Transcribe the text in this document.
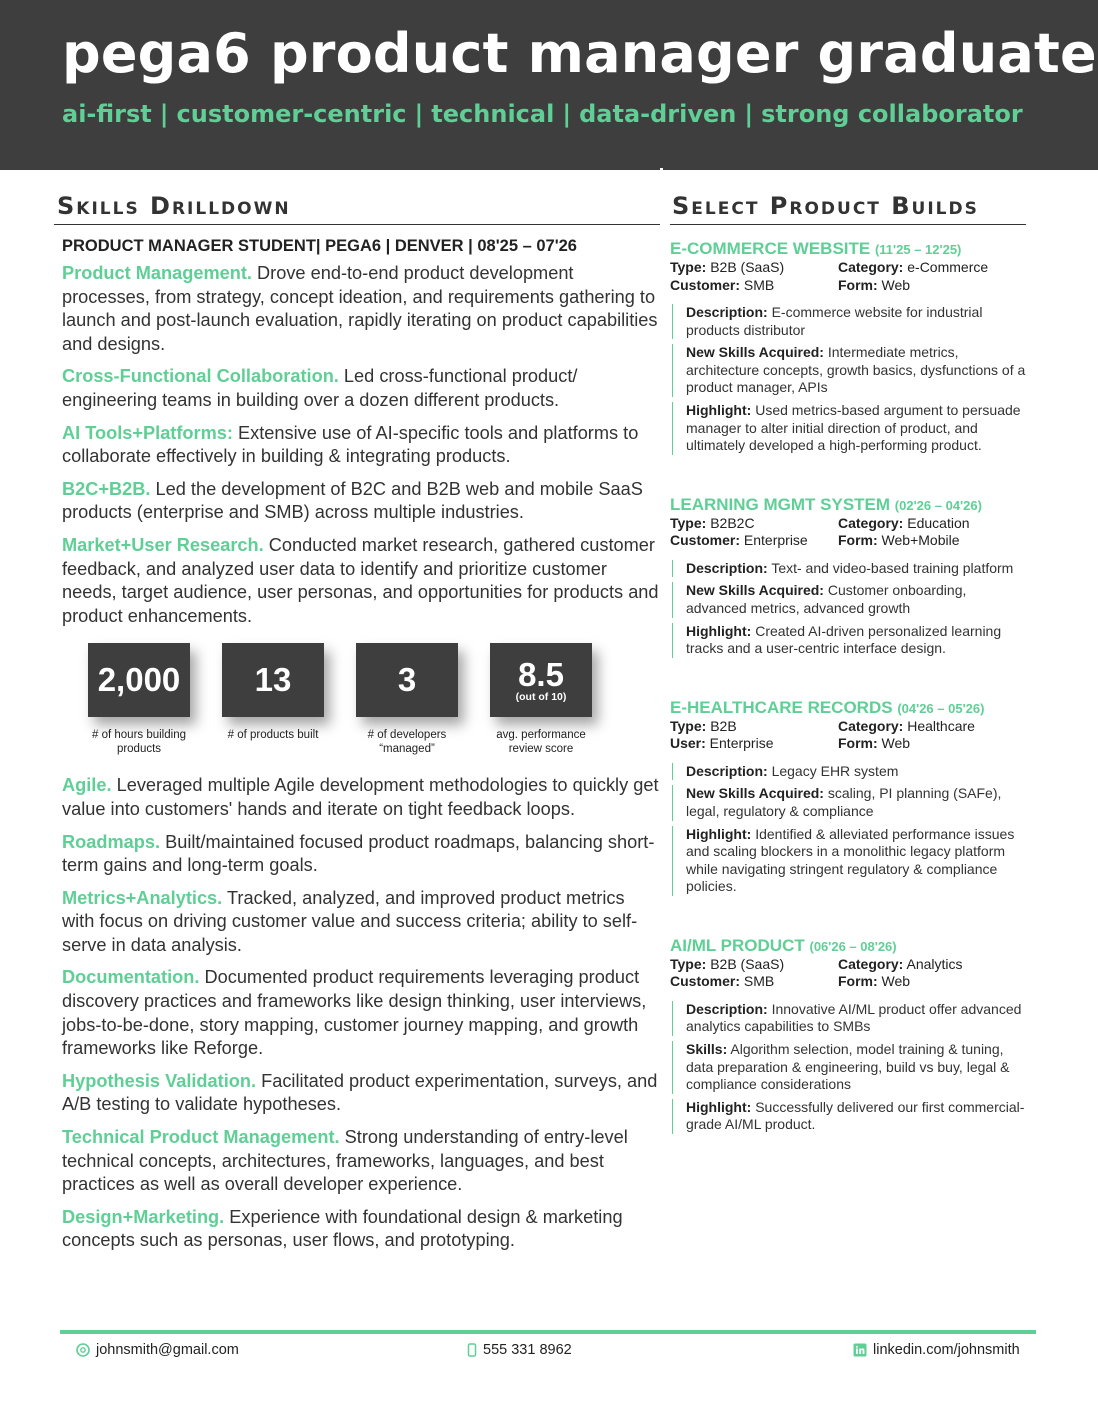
pega6 product manager graduate
ai-first | customer-centric | technical | data-driven | strong collaborator
Skills Drilldown
PRODUCT MANAGER STUDENT| PEGA6 | DENVER | 08'25 – 07'26
Product Management. Drove end-to-end product development processes, from strategy, concept ideation, and requirements gathering to launch and post-launch evaluation, rapidly iterating on product capabilities and designs.
Cross-Functional Collaboration. Led cross-functional product/ engineering teams in building over a dozen different products.
AI Tools+Platforms: Extensive use of AI-specific tools and platforms to collaborate effectively in building & integrating products.
B2C+B2B. Led the development of B2C and B2B web and mobile SaaS products (enterprise and SMB) across multiple industries.
Market+User Research. Conducted market research, gathered customer feedback, and analyzed user data to identify and prioritize customer needs, target audience, user personas, and opportunities for products and product enhancements.
2,000
# of hours building products
13
# of products built
3
# of developers “managed”
8.5
(out of 10)
avg. performance review score
Agile. Leveraged multiple Agile development methodologies to quickly get value into customers' hands and iterate on tight feedback loops.
Roadmaps. Built/maintained focused product roadmaps, balancing short-term gains and long-term goals.
Metrics+Analytics. Tracked, analyzed, and improved product metrics with focus on driving customer value and success criteria; ability to self-serve in data analysis.
Documentation. Documented product requirements leveraging product discovery practices and frameworks like design thinking, user interviews, jobs-to-be-done, story mapping, customer journey mapping, and growth frameworks like Reforge.
Hypothesis Validation. Facilitated product experimentation, surveys, and A/B testing to validate hypotheses.
Technical Product Management. Strong understanding of entry-level technical concepts, architectures, frameworks, languages, and best practices as well as overall developer experience.
Design+Marketing. Experience with foundational design & marketing concepts such as personas, user flows, and prototyping.
Select Product Builds
E-COMMERCE WEBSITE (11'25 – 12'25)
Type: B2B (SaaS)	Category: e-Commerce
Customer: SMB	Form: Web
Description: E-commerce website for industrial products distributor
New Skills Acquired: Intermediate metrics, architecture concepts, growth basics, dysfunctions of a product manager, APIs
Highlight: Used metrics-based argument to persuade manager to alter initial direction of product, and ultimately developed a high-performing product.
LEARNING MGMT SYSTEM (02'26 – 04'26)
Type: B2B2C	Category: Education
Customer: Enterprise	Form: Web+Mobile
Description: Text- and video-based training platform
New Skills Acquired: Customer onboarding, advanced metrics, advanced growth
Highlight: Created AI-driven personalized learning tracks and a user-centric interface design.
E-HEALTHCARE RECORDS (04'26 – 05'26)
Type: B2B	Category: Healthcare
User: Enterprise	Form: Web
Description: Legacy EHR system
New Skills Acquired: scaling, PI planning (SAFe), legal, regulatory & compliance
Highlight: Identified & alleviated performance issues and scaling blockers in a monolithic legacy platform while navigating stringent regulatory & compliance policies.
AI/ML PRODUCT (06'26 – 08'26)
Type: B2B (SaaS)	Category: Analytics
Customer: SMB	Form: Web
Description: Innovative AI/ML product offer advanced analytics capabilities to SMBs
Skills: Algorithm selection, model training & tuning, data preparation & engineering, build vs buy, legal & compliance considerations
Highlight: Successfully delivered our first commercial-grade AI/ML product.
johnsmith@gmail.com	555 331 8962	linkedin.com/johnsmith
